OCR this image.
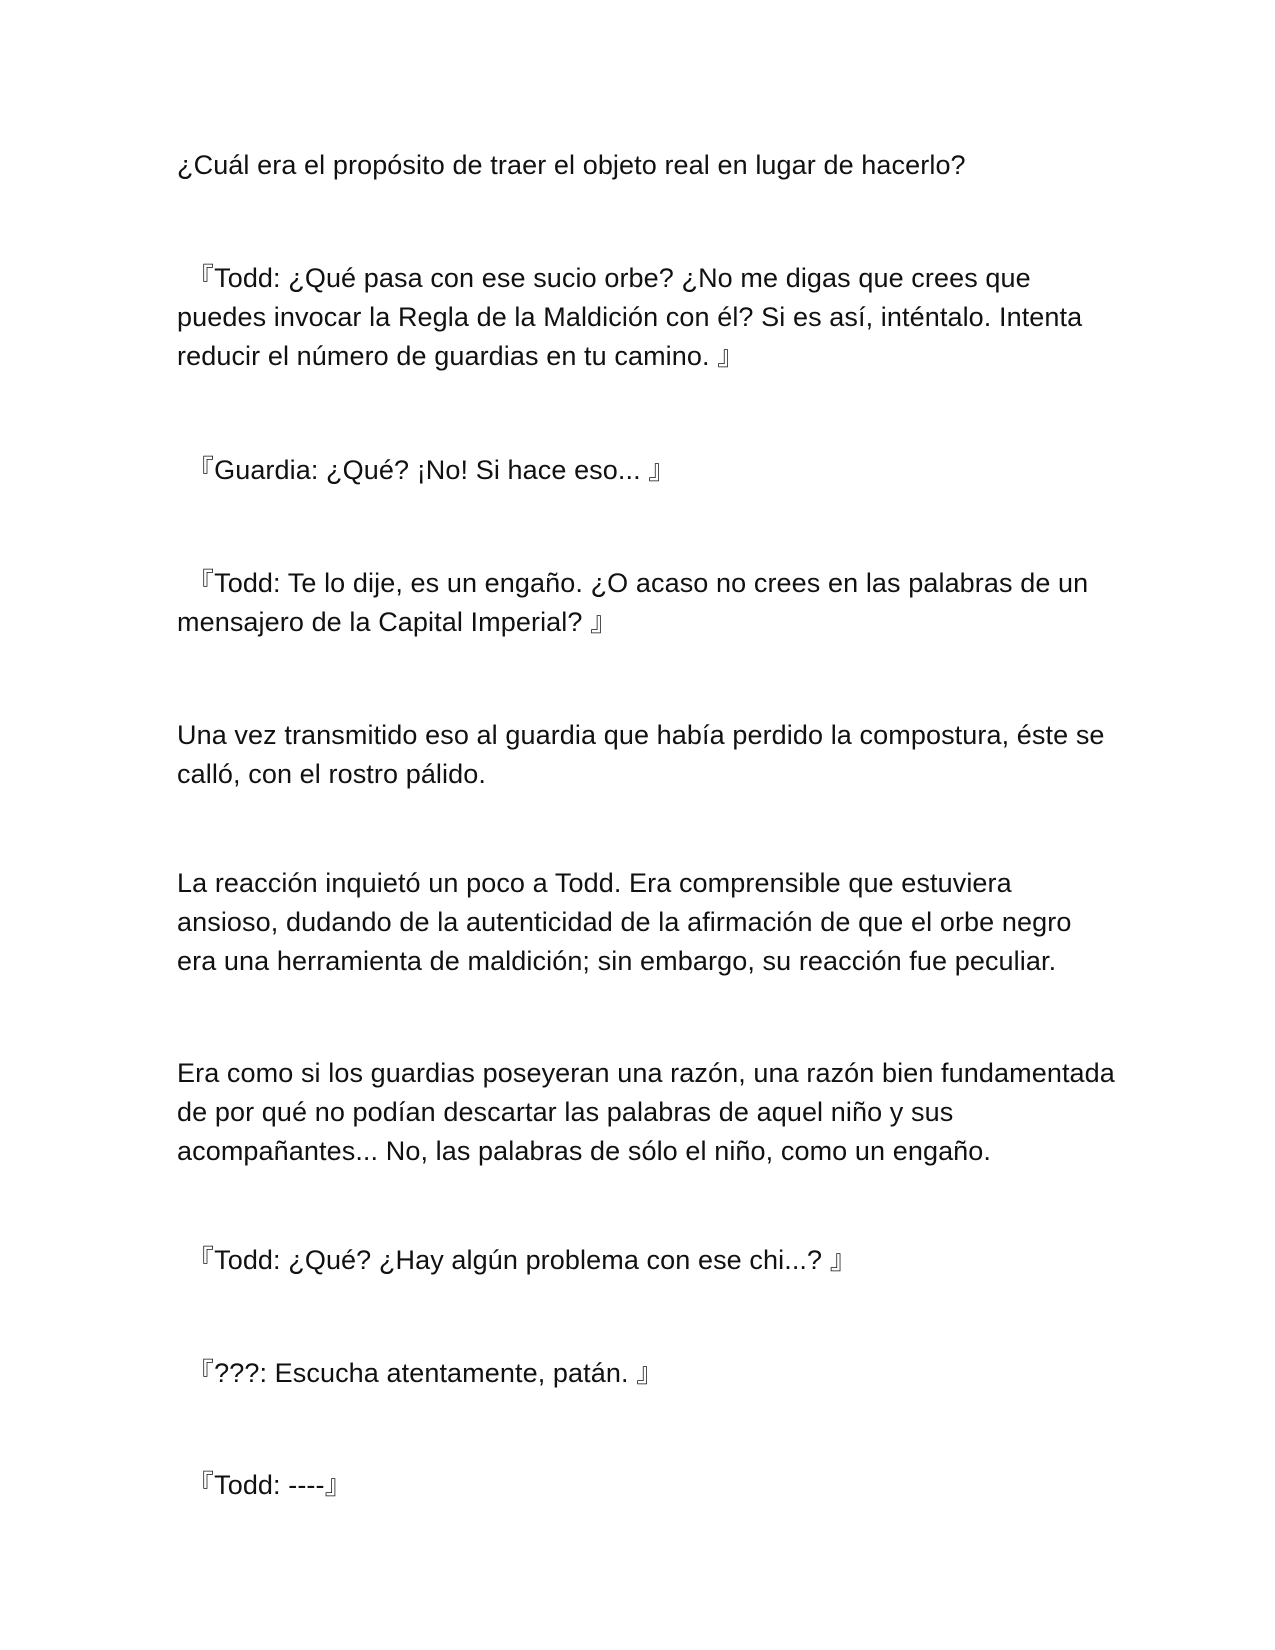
¿Cuál era el propósito de traer el objeto real en lugar de hacerlo?

『Todd: ¿Qué pasa con ese sucio orbe? ¿No me digas que crees que puedes invocar la Regla de la Maldición con él? Si es así, inténtalo. Intenta reducir el número de guardias en tu camino. 』

『Guardia: ¿Qué? ¡No! Si hace eso... 』

『Todd: Te lo dije, es un engaño. ¿O acaso no crees en las palabras de un mensajero de la Capital Imperial? 』

Una vez transmitido eso al guardia que había perdido la compostura, éste se calló, con el rostro pálido.

La reacción inquietó un poco a Todd. Era comprensible que estuviera ansioso, dudando de la autenticidad de la afirmación de que el orbe negro era una herramienta de maldición; sin embargo, su reacción fue peculiar.

Era como si los guardias poseyeran una razón, una razón bien fundamentada de por qué no podían descartar las palabras de aquel niño y sus acompañantes... No, las palabras de sólo el niño, como un engaño.

『Todd: ¿Qué? ¿Hay algún problema con ese chi...? 』

『???: Escucha atentamente, patán. 』

『Todd: ----』
